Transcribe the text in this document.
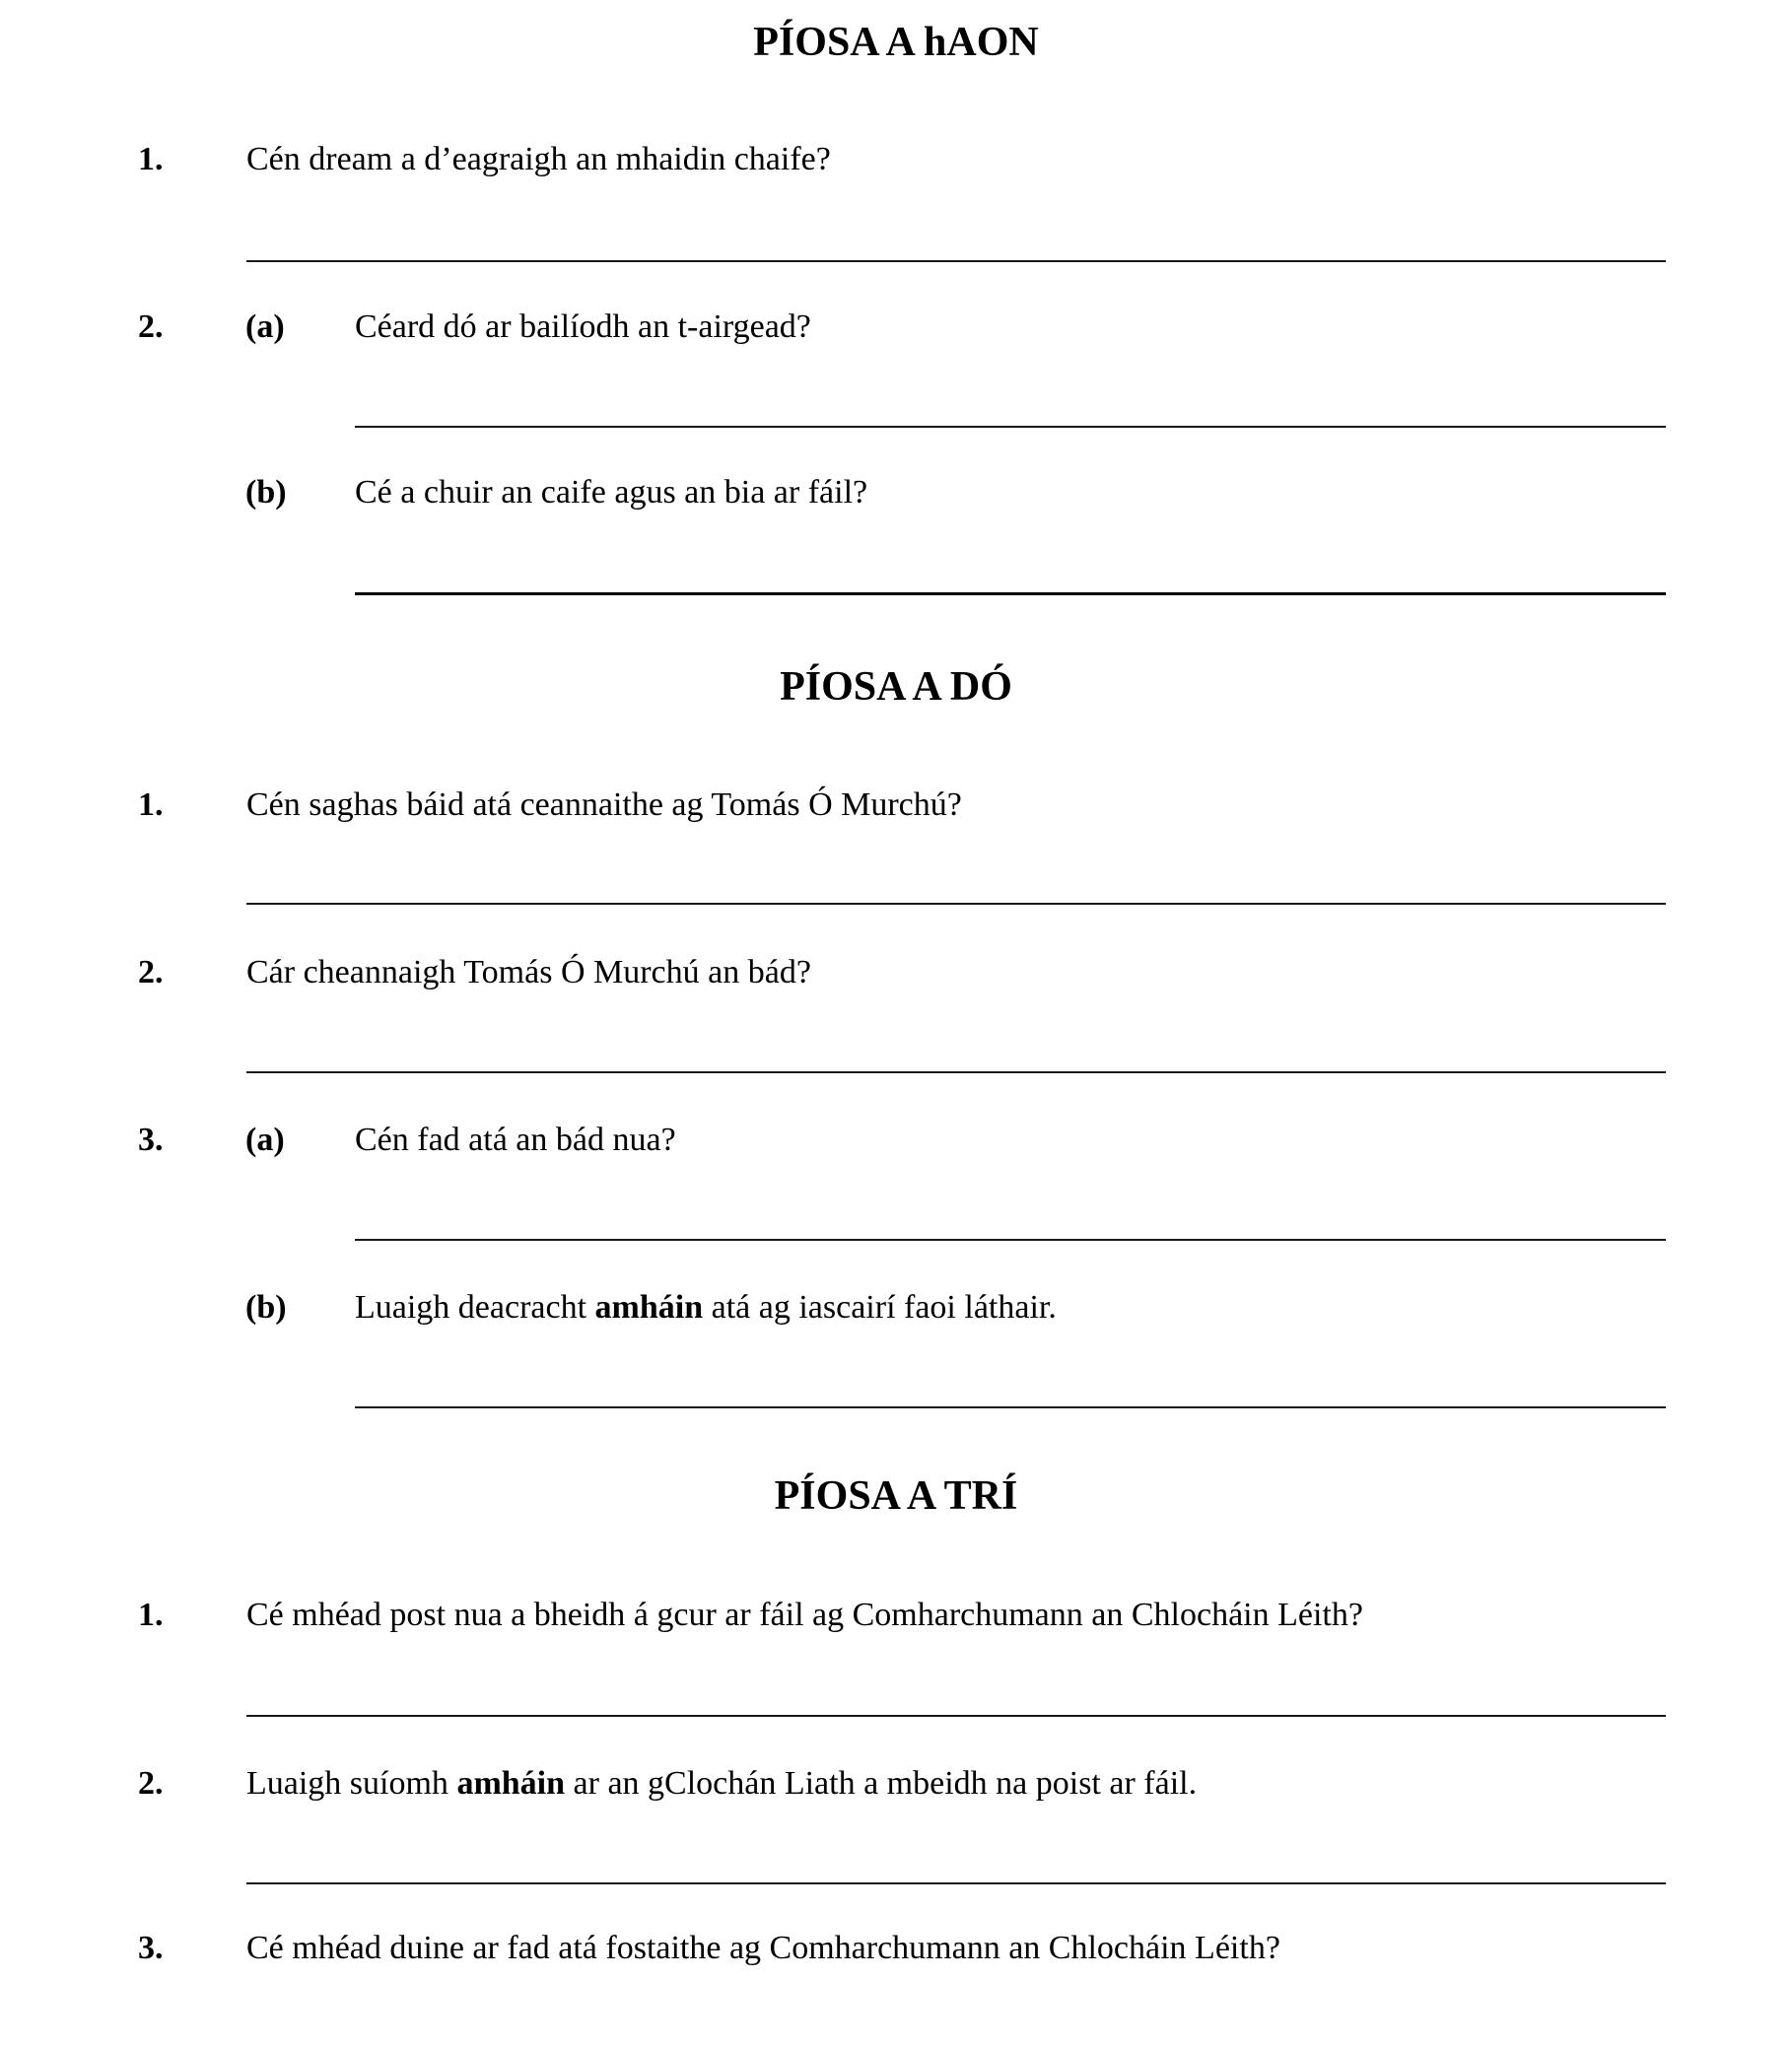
PÍOSA A hAON
1. Cén dream a d’eagraigh an mhaidin chaife?
2. (a) Céard dó ar bailíodh an t-airgead?
(b) Cé a chuir an caife agus an bia ar fáil?
PÍOSA A DÓ
1. Cén saghas báid atá ceannaithe ag Tomás Ó Murchú?
2. Cár cheannaigh Tomás Ó Murchú an bád?
3. (a) Cén fad atá an bád nua?
(b) Luaigh deacracht amháin atá ag iascairí faoi láthair.
PÍOSA A TRÍ
1. Cé mhéad post nua a bheidh á gcur ar fáil ag Comharchumann an Chlocháin Léith?
2. Luaigh suíomh amháin ar an gClochán Liath a mbeidh na poist ar fáil.
3. Cé mhéad duine ar fad atá fostaithe ag Comharchumann an Chlocháin Léith?
